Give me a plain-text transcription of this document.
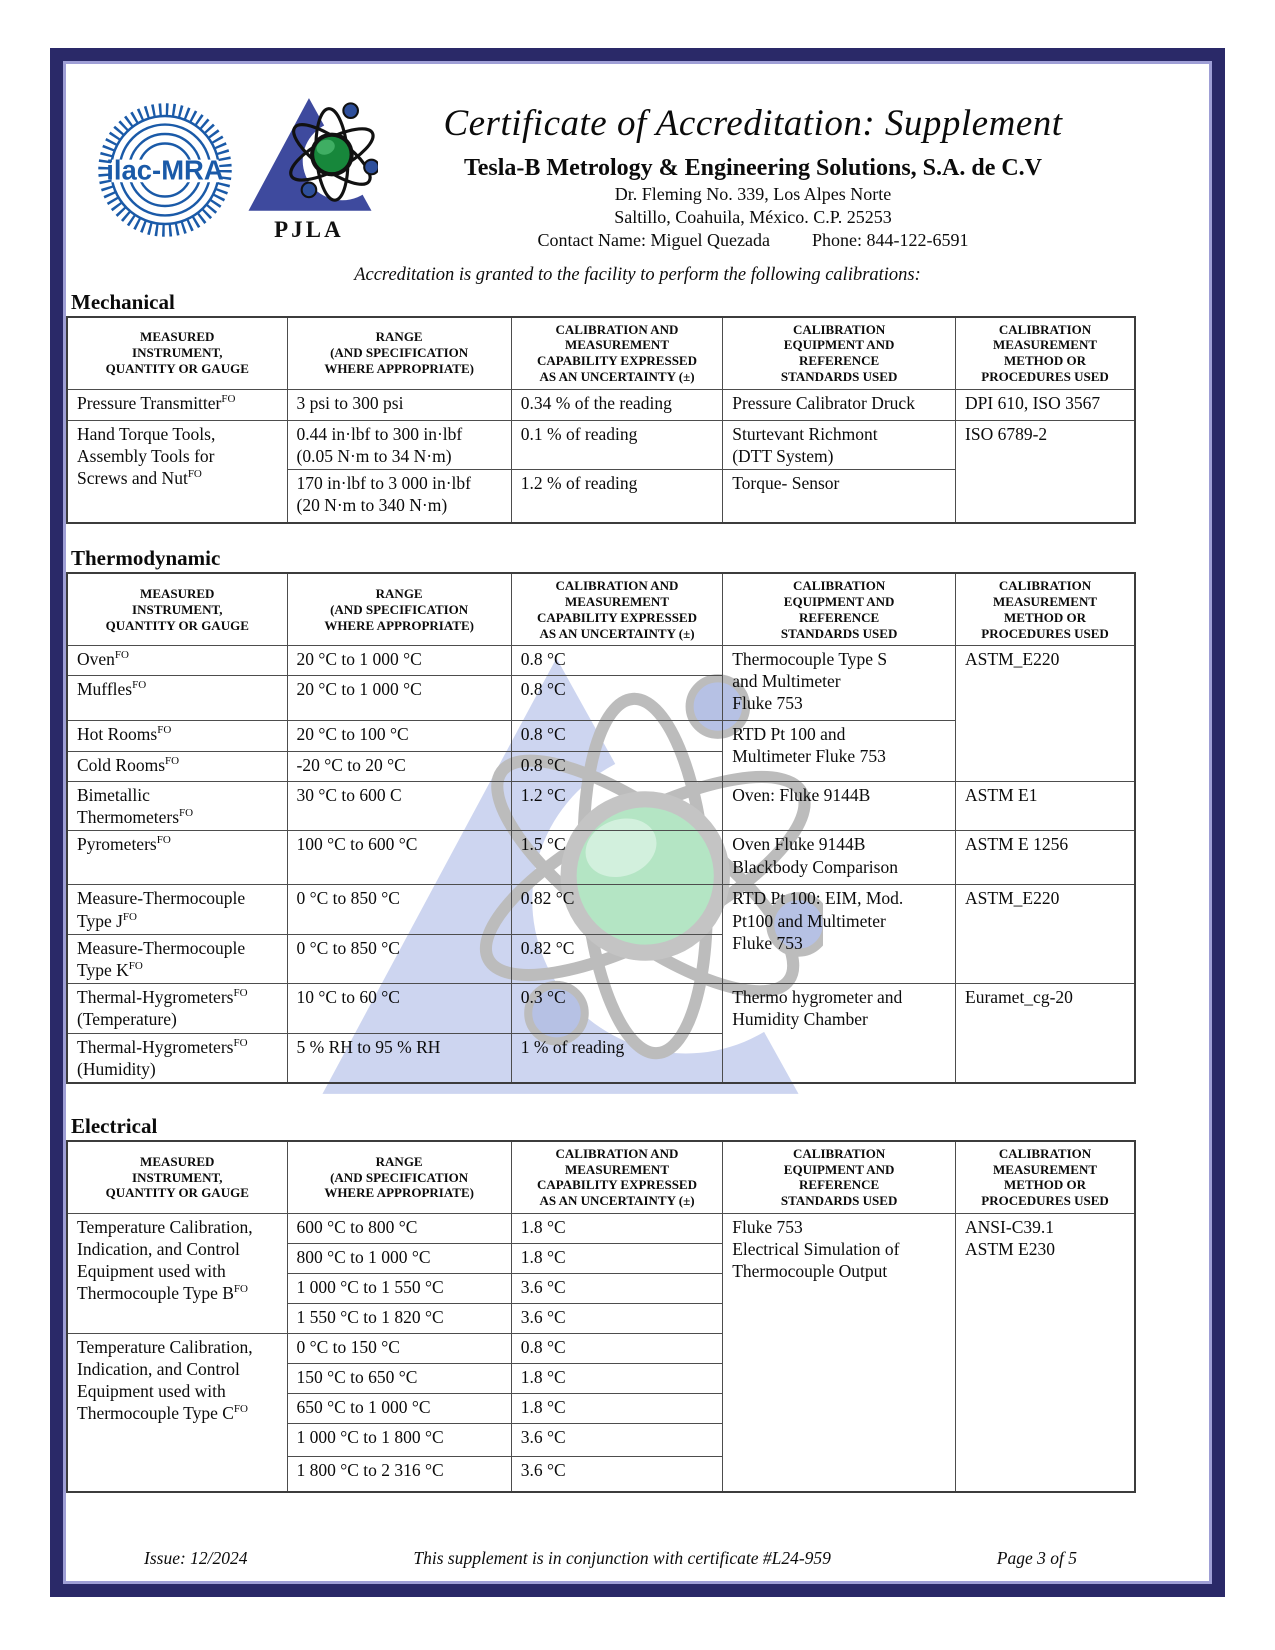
ilac-MRA
PJLA
Certificate of Accreditation: Supplement
Tesla-B Metrology & Engineering Solutions, S.A. de C.V
Dr. Fleming No. 339, Los Alpes Norte
Saltillo, Coahuila, México. C.P. 25253
Contact Name: Miguel Quezada Phone: 844-122-6591
Accreditation is granted to the facility to perform the following calibrations:
Mechanical
MEASURED
INSTRUMENT,
QUANTITY OR GAUGE	RANGE
(AND SPECIFICATION
WHERE APPROPRIATE)	CALIBRATION AND
MEASUREMENT
CAPABILITY EXPRESSED
AS AN UNCERTAINTY (±)	CALIBRATION
EQUIPMENT AND
REFERENCE
STANDARDS USED	CALIBRATION
MEASUREMENT
METHOD OR
PROCEDURES USED
Pressure Transmitter$^{FO}$	3 psi to 300 psi	0.34 % of the reading	Pressure Calibrator Druck	DPI 610, ISO 3567
Hand Torque Tools,
Assembly Tools for
Screws and Nut$^{FO}$	0.44 in·lbf to 300 in·lbf
(0.05 N·m to 34 N·m)	0.1 % of reading	Sturtevant Richmont
(DTT System)	ISO 6789-2
	170 in·lbf to 3 000 in·lbf
(20 N·m to 340 N·m)	1.2 % of reading	Torque- Sensor	
Thermodynamic
MEASURED
INSTRUMENT,
QUANTITY OR GAUGE	RANGE
(AND SPECIFICATION
WHERE APPROPRIATE)	CALIBRATION AND
MEASUREMENT
CAPABILITY EXPRESSED
AS AN UNCERTAINTY (±)	CALIBRATION
EQUIPMENT AND
REFERENCE
STANDARDS USED	CALIBRATION
MEASUREMENT
METHOD OR
PROCEDURES USED
Oven$^{FO}$	20 °C to 1 000 °C	0.8 °C	Thermocouple Type S
and Multimeter
Fluke 753	ASTM_E220
Muffles$^{FO}$	20 °C to 1 000 °C	0.8 °C		
Hot Rooms$^{FO}$	20 °C to 100 °C	0.8 °C	RTD Pt 100 and
Multimeter Fluke 753	
Cold Rooms$^{FO}$	-20 °C to 20 °C	0.8 °C		
Bimetallic
Thermometers$^{FO}$	30 °C to 600 C	1.2 °C	Oven: Fluke 9144B	ASTM E1
Pyrometers$^{FO}$	100 °C to 600 °C	1.5 °C	Oven Fluke 9144B
Blackbody Comparison	ASTM E 1256
Measure-Thermocouple
Type $J^{FO}$	0 °C to 850 °C	0.82 °C	RTD Pt 100: EIM, Mod.
Pt100 and Multimeter
Fluke 753	ASTM_E220
Measure-Thermocouple
Type $K^{FO}$	0 °C to 850 °C	0.82 °C		
Thermal-Hygrometers$^{FO}$
(Temperature)	10 °C to 60 °C	0.3 °C	Thermo hygrometer and
Humidity Chamber	Euramet_cg-20
Thermal-Hygrometers$^{FO}$
(Humidity)	5 % RH to 95 % RH	1 % of reading		
Electrical
MEASURED
INSTRUMENT,
QUANTITY OR GAUGE	RANGE
(AND SPECIFICATION
WHERE APPROPRIATE)	CALIBRATION AND
MEASUREMENT
CAPABILITY EXPRESSED
AS AN UNCERTAINTY (±)	CALIBRATION
EQUIPMENT AND
REFERENCE
STANDARDS USED	CALIBRATION
MEASUREMENT
METHOD OR
PROCEDURES USED
Temperature Calibration,
Indication, and Control
Equipment used with
Thermocouple Type $B^{FO}$	600 °C to 800 °C	1.8 °C	Fluke 753
Electrical Simulation of
Thermocouple Output	ANSI-C39.1
ASTM E230
	800 °C to 1 000 °C	1.8 °C		
	1 000 °C to 1 550 °C	3.6 °C		
	1 550 °C to 1 820 °C	3.6 °C		
Temperature Calibration,
Indication, and Control
Equipment used with
Thermocouple Type $C^{FO}$	0 °C to 150 °C	0.8 °C		
	150 °C to 650 °C	1.8 °C		
	650 °C to 1 000 °C	1.8 °C		
	1 000 °C to 1 800 °C	3.6 °C		
	1 800 °C to 2 316 °C	3.6 °C		
Issue: 12/2024	This supplement is in conjunction with certificate #L24-959	Page 3 of 5
